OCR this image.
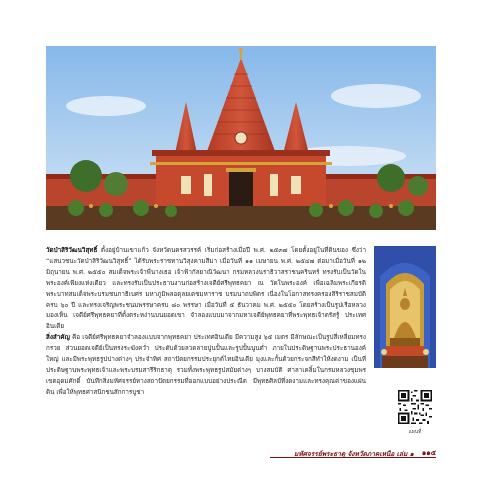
วัดป่าสิริวัฒนวิสุทธิ์ ตั้งอยู่บ้านเขาแก้ว จังหวัดนครสวรรค์ เริ่มก่อสร้างเมื่อปี พ.ศ. ๒๕๓๗ โดยตั้งอยู่ในที่ดินของ ซึ่งว่า “แสนวชนะวัดป่าสิริวัฒนวิสุทธิ์” ได้รับพระราชทานวิสุงคามสีมา เมื่อวันที่ ๑๑ เมษายน พ.ศ. ๒๕๔๗ ต่อมาเมื่อวันที่ ๑๒ มิถุนายน พ.ศ. ๒๕๕๐ สมเด็จพระเจ้าพี่นางเธอ เจ้าฟ้ากัลยาณิวัฒนา กรมหลวงนราธิวาสราชนครินทร์ ทรงรับเป็นวัดในพระองค์เพียงแห่งเดียว และทรงรับเป็นประธานงานก่อสร้างเจดีย์ศรีพุทธคยา ณ วัดในพระองค์ เพื่อเฉลิมพระเกียรติพระบาทสมเด็จพระบรมชนกาธิเบศร มหาภูมิพลอดุลยเดชมหาราช บรมนาถบพิตร เนื่องในโอกาสทรงครองสิริราชสมบัติครบ ๖๐ ปี และทรงเจริญพระชนมพรรษาครบ ๘๐ พรรษา เมื่อวันที่ ๕ ธันวาคม พ.ศ. ๒๕๕๐ โดยสร้างเป็นรูปเรือหลวงมองเห็น เจดีย์ศรีพุทธคยาที่ตั้งตระหง่านบนยอดเขา จำลองแบบมาจากมหาเจดีย์พุทธคยาที่พระพุทธเจ้าตรัสรู้ ประเทศอินเดีย

สิ่งสำคัญ คือ เจดีย์ศรีพุทธคยาจำลองแบบจากพุทธคยา ประเทศอินเดีย มีความสูง ๖๕ เมตร มีลักษณะเป็นรูปสี่เหลี่ยมทรงกรวย ส่วนยอดเจดีย์เป็นทรงระฆังคว่ำ ประดับด้วยลวดลายปูนปั้นและรูปปั้นนูนต่ำ ภายในประดิษฐานพระประธานองค์ใหญ่ และมีพระพุทธรูปปางต่างๆ ประจำทิศ สถาปัตยกรรมประยุกต์ไทยอินเดีย มุงและกั้นด้วยกระจกสีทำให้งดงาม เป็นที่ประดิษฐานพระพุทธเจ้าและพระบรมสารีริกธาตุ รวมทั้งพระพุทธรูปสมัยต่างๆ บางสมบัติ ศาลาเคลิ้มในกรมหลวงชุมพรเขตอุดมศักดิ์ บันทึกสิ่งมหัศจรรย์ทางสถาปัตยกรรมที่ออกแบบอย่างประณีต มีพุทธศิลป์ที่งดงามและทรงคุณค่าของแผ่นดิน เพื่อให้พุทธศาสนิกชนสักการบูชา

แผนที่
มหัศจรรย์พระธาตุ จังหวัดภาคเหนือ เล่ม ๑ ๑๑๕
